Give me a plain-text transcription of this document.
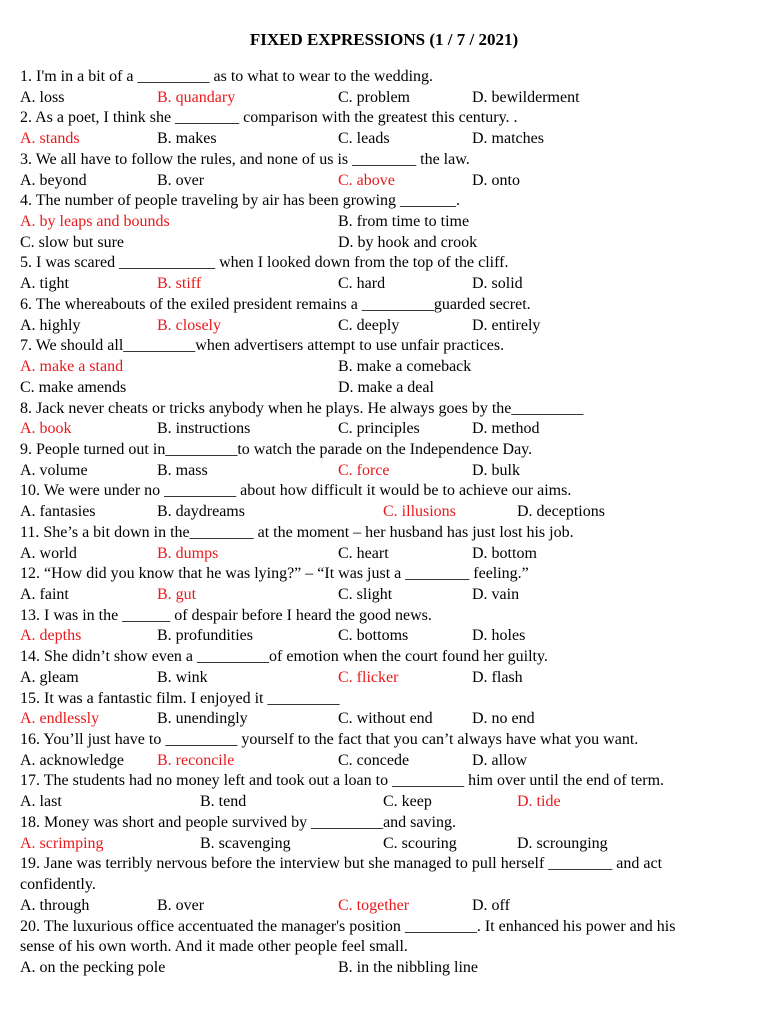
FIXED EXPRESSIONS (1 / 7 / 2021)
1. I'm in a bit of a _________ as to what to wear to the wedding.
A. loss	B. quandary	C. problem	D. bewilderment
2. As a poet, I think she ________ comparison with the greatest this century. .
A. stands	B. makes	C. leads	D. matches
3. We all have to follow the rules, and none of us is ________ the law.
A. beyond	B. over	C. above	D. onto
4. The number of people traveling by air has been growing _______.
A. by leaps and bounds	B. from time to time
C. slow but sure	D. by hook and crook
5. I was scared ____________ when I looked down from the top of the cliff.
A. tight	B. stiff	C. hard	D. solid
6. The whereabouts of the exiled president remains a _________guarded secret.
A. highly	B. closely	C. deeply	D. entirely
7. We should all_________when advertisers attempt to use unfair practices.
A. make a stand	B. make a comeback
C. make amends	D. make a deal
8. Jack never cheats or tricks anybody when he plays. He always goes by the_________
A. book	B. instructions	C. principles	D. method
9. People turned out in_________to watch the parade on the Independence Day.
A. volume	B. mass	C. force	D. bulk
10. We were under no _________ about how difficult it would be to achieve our aims.
A. fantasies	B. daydreams	C. illusions	D. deceptions
11. She’s a bit down in the________ at the moment – her husband has just lost his job.
A. world	B. dumps	C. heart	D. bottom
12. “How did you know that he was lying?” – “It was just a ________ feeling.”
A. faint	B. gut	C. slight	D. vain
13. I was in the ______ of despair before I heard the good news.
A. depths	B. profundities	C. bottoms	D. holes
14. She didn’t show even a _________of emotion when the court found her guilty.
A. gleam	B. wink	C. flicker	D. flash
15. It was a fantastic film. I enjoyed it _________
A. endlessly	B. unendingly	C. without end D. no end
16. You’ll just have to _________ yourself to the fact that you can’t always have what you want.
A. acknowledge B. reconcile	C. concede	D. allow
17. The students had no money left and took out a loan to _________ him over until the end of term.
A. last	B. tend	C. keep	D. tide
18. Money was short and people survived by _________and saving.
A. scrimping	B. scavenging	C. scouring	D. scrounging
19. Jane was terribly nervous before the interview but she managed to pull herself ________ and act
confidently.
A. through	B. over	C. together	D. off
20. The luxurious office accentuated the manager's position _________. It enhanced his power and his
sense of his own worth. And it made other people feel small.
A. on the pecking pole	B. in the nibbling line
